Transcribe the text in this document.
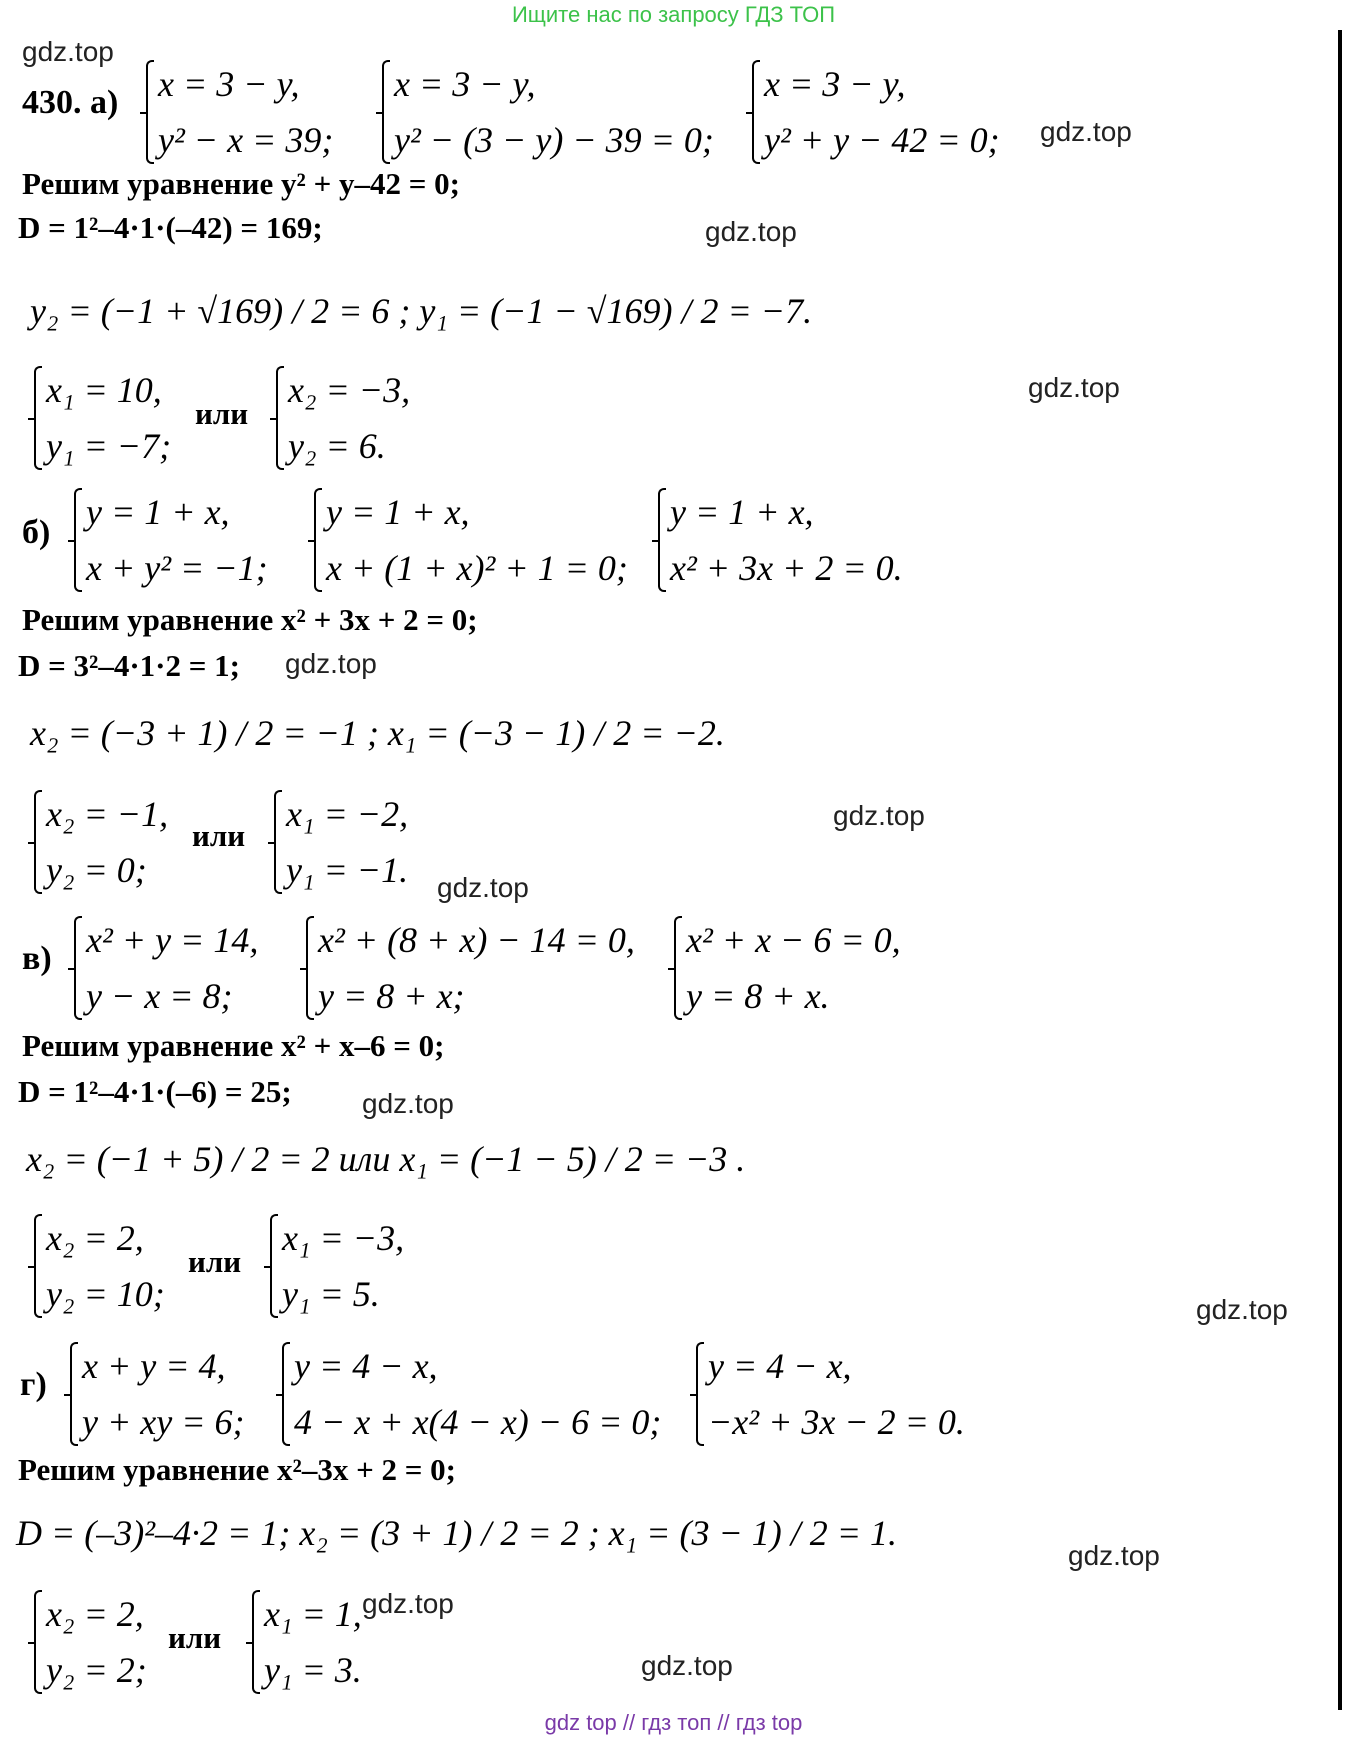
Ищите нас по запросу ГДЗ ТОП
gdz.top
gdz.top
gdz.top
gdz.top
gdz.top
gdz.top
gdz.top
gdz.top
gdz.top
gdz.top
gdz.top
gdz.top
430. а) x = 3 − y,
y² − x = 39;
x = 3 − y,
y² − (3 − y) − 39 = 0;
x = 3 − y,
y² + y − 42 = 0;
Решим уравнение y² + y–42 = 0;
D = 1²–4·1·(–42) = 169;
y₂ = (−1 + √169) / 2 = 6 ; y₁ = (−1 − √169) / 2 = −7.
x₁ = 10,
y₁ = −7;
или
x₂ = −3,
y₂ = 6.
б)
y = 1 + x,
x + y² = −1;
y = 1 + x,
x + (1 + x)² + 1 = 0;
y = 1 + x,
x² + 3x + 2 = 0.
Решим уравнение x² + 3x + 2 = 0;
D = 3²–4·1·2 = 1;
x₂ = (−3 + 1) / 2 = −1 ; x₁ = (−3 − 1) / 2 = −2.
x₂ = −1,
y₂ = 0;
или
x₁ = −2,
y₁ = −1.
в) x² + y = 14,
y − x = 8;
x² + (8 + x) − 14 = 0,
y = 8 + x;
x² + x − 6 = 0,
y = 8 + x.
Решим уравнение x² + x–6 = 0;
D = 1²–4·1·(–6) = 25;
x₂ = (−1 + 5) / 2 = 2 или x₁ = (−1 − 5) / 2 = −3 .
x₂ = 2,
y₂ = 10;
или
x₁ = −3,
y₁ = 5.
г) x + y = 4,
y + xy = 6;
y = 4 − x,
4 − x + x(4 − x) − 6 = 0;
y = 4 − x,
−x² + 3x − 2 = 0.
Решим уравнение x²–3x + 2 = 0;
D = (–3)²–4·2 = 1; x₂ = (3 + 1) / 2 = 2 ; x₁ = (3 − 1) / 2 = 1.
x₂ = 2,
y₂ = 2;
или
x₁ = 1,
y₁ = 3.
gdz top // гдз топ // гдз top
